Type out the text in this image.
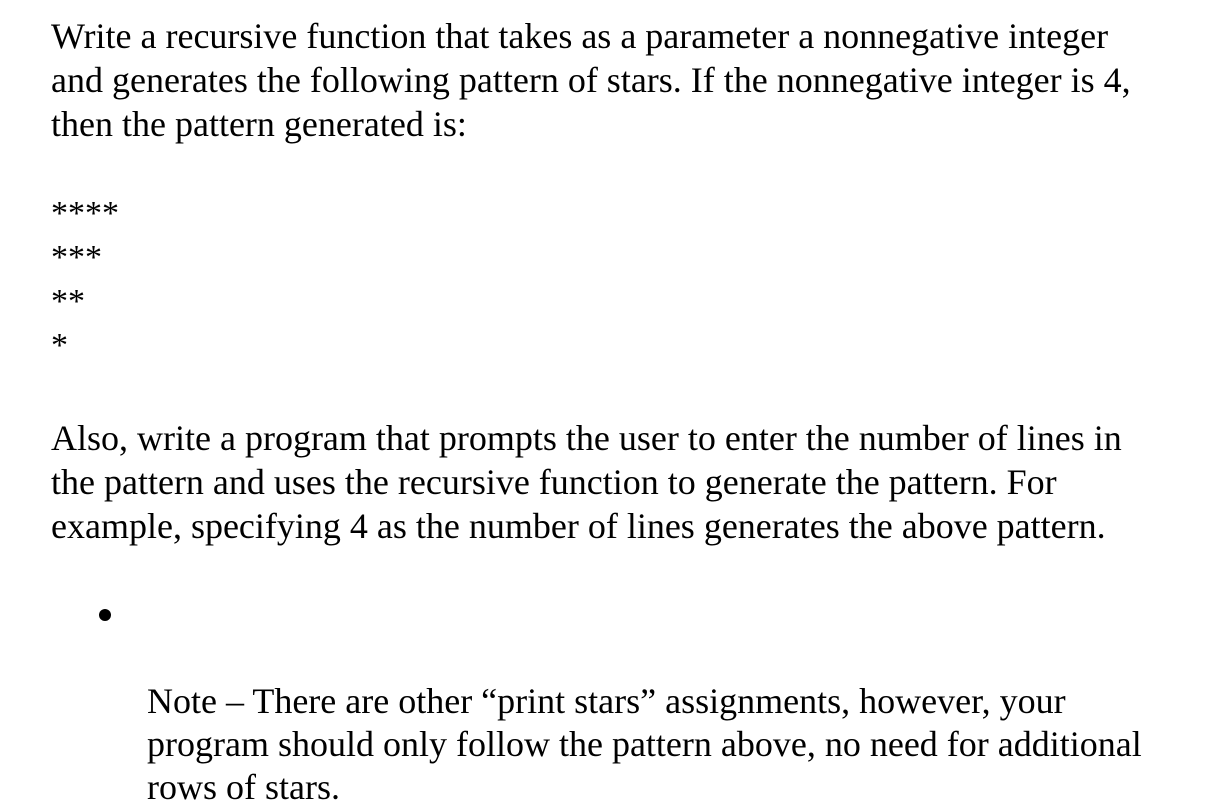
Write a recursive function that takes as a parameter a nonnegative integer
and generates the following pattern of stars. If the nonnegative integer is 4,
then the pattern generated is:

****
***
**
*

Also, write a program that prompts the user to enter the number of lines in
the pattern and uses the recursive function to generate the pattern. For
example, specifying 4 as the number of lines generates the above pattern.

Note – There are other “print stars” assignments, however, your
program should only follow the pattern above, no need for additional
rows of stars.
